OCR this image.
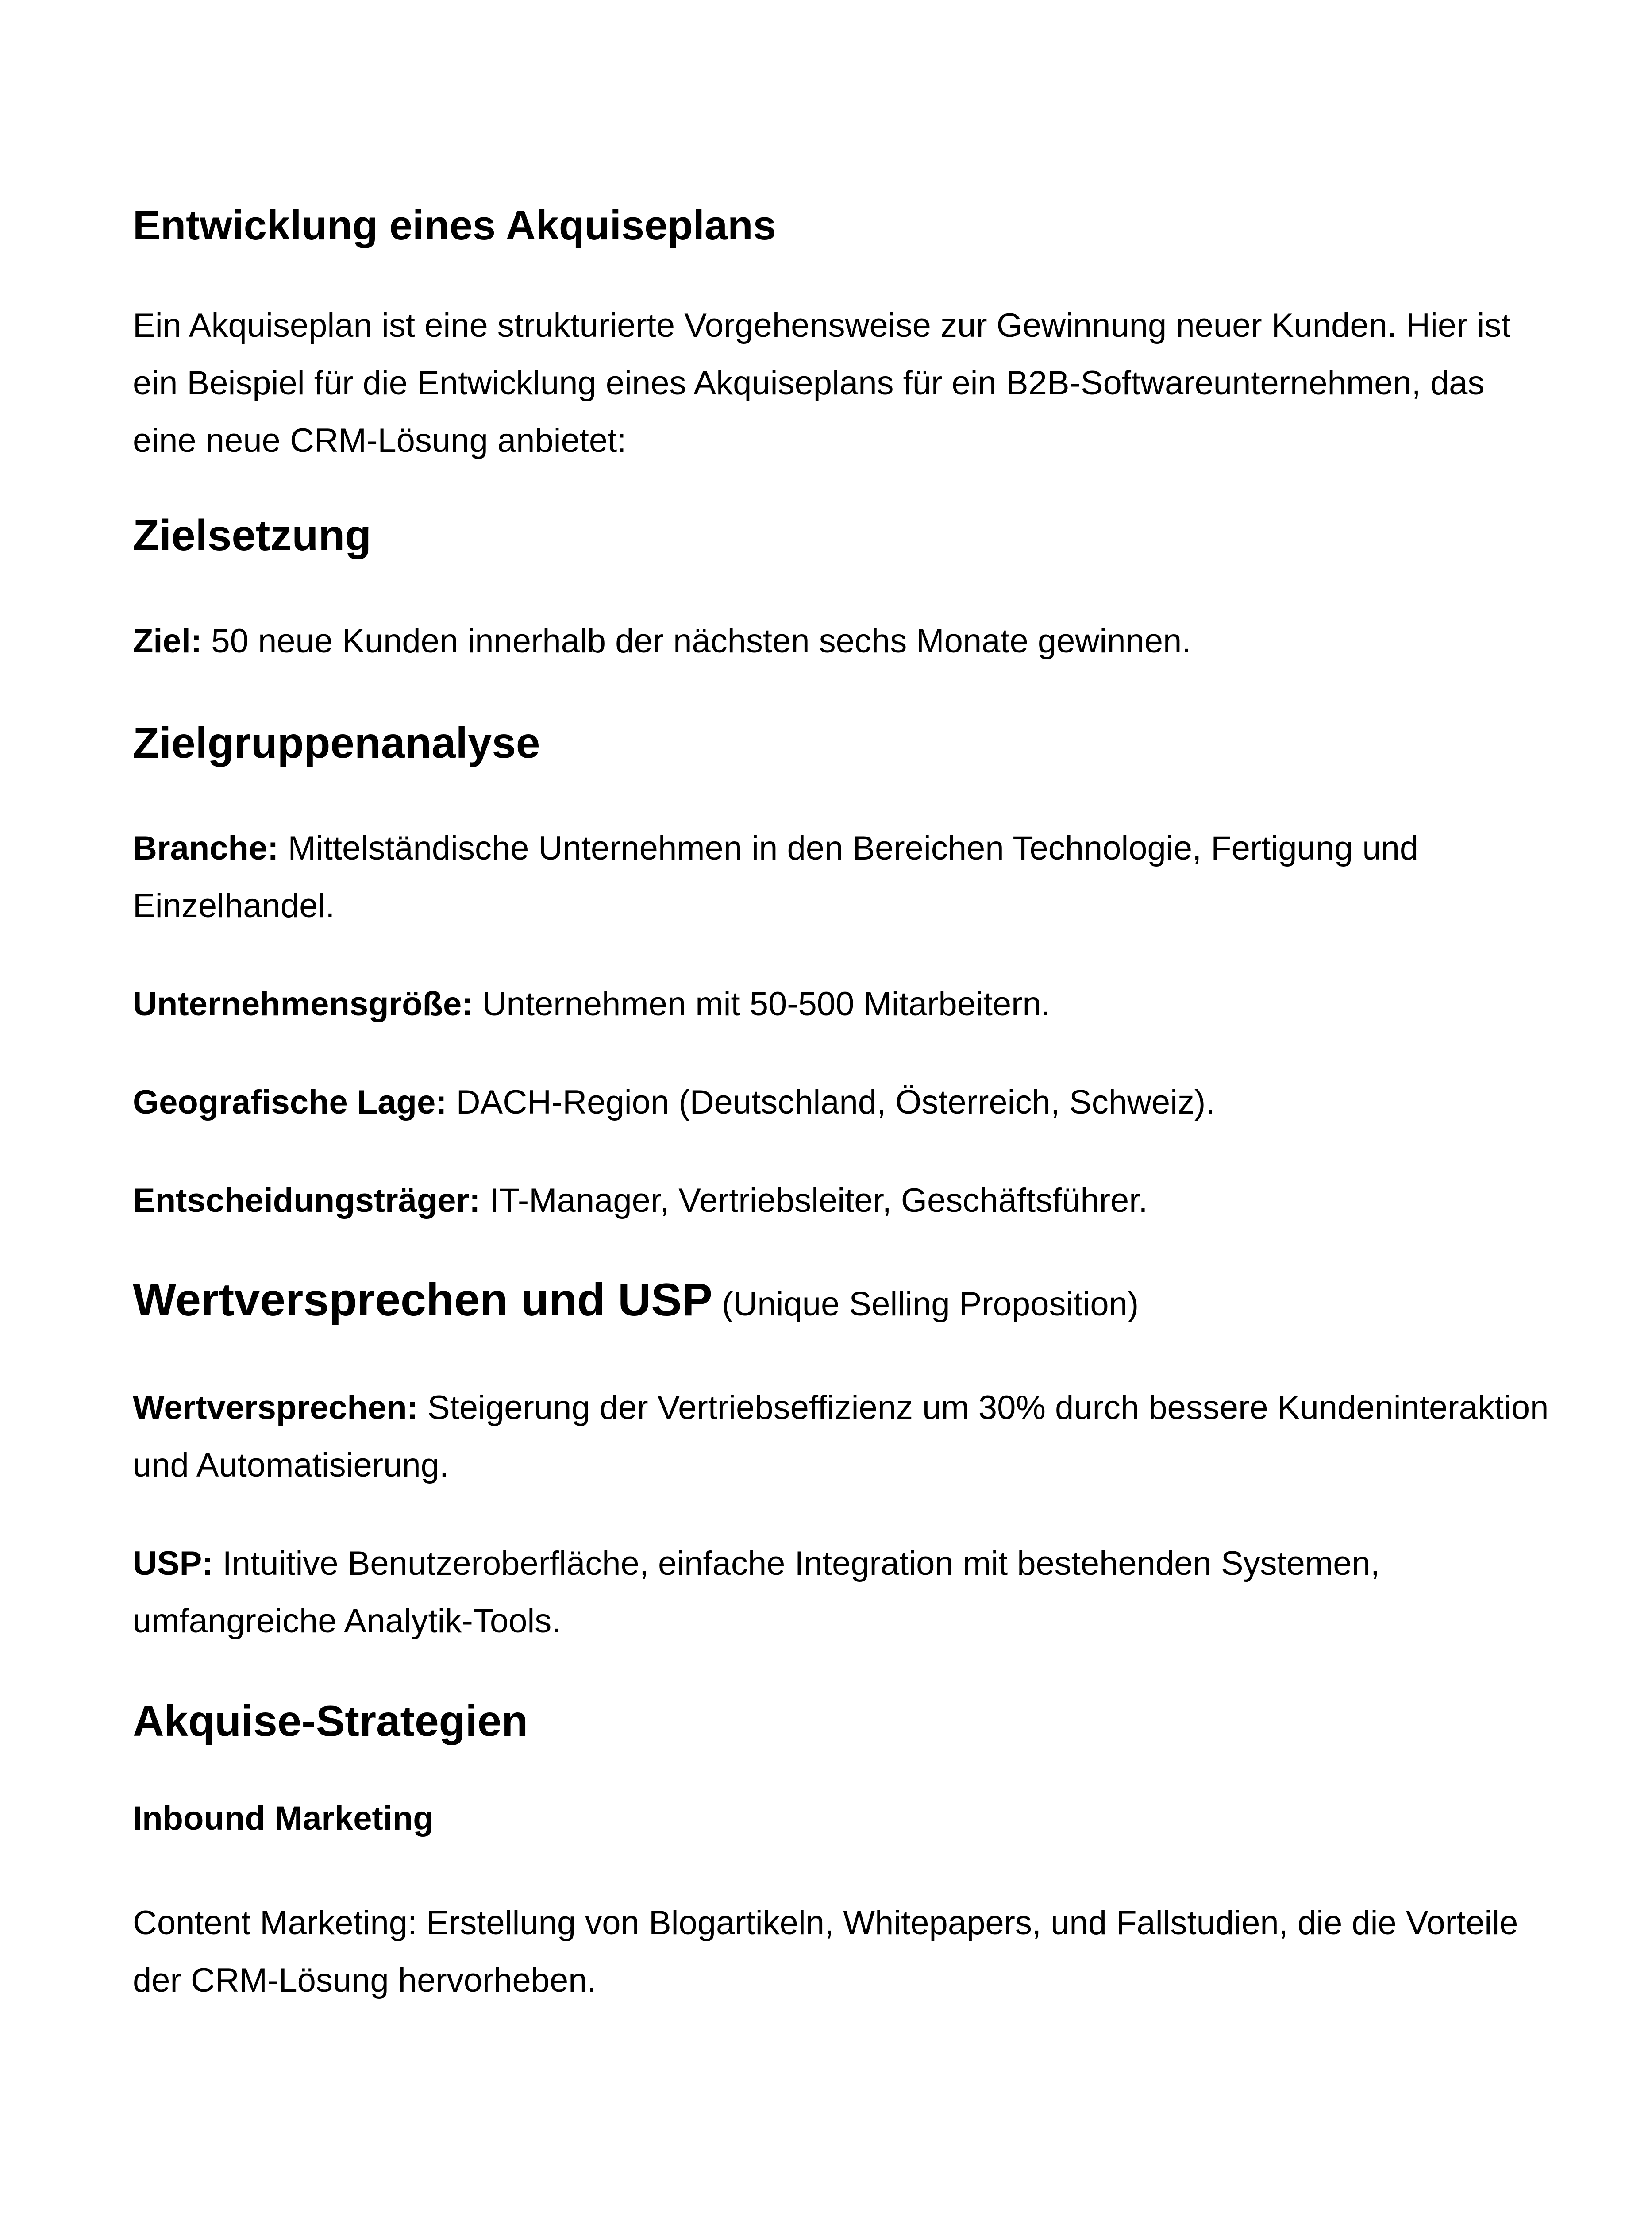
Entwicklung eines Akquiseplans
Ein Akquiseplan ist eine strukturierte Vorgehensweise zur Gewinnung neuer Kunden. Hier ist ein Beispiel für die Entwicklung eines Akquiseplans für ein B2B-Softwareunternehmen, das eine neue CRM-Lösung anbietet:
Zielsetzung
Ziel: 50 neue Kunden innerhalb der nächsten sechs Monate gewinnen.
Zielgruppenanalyse
Branche: Mittelständische Unternehmen in den Bereichen Technologie, Fertigung und Einzelhandel.
Unternehmensgröße: Unternehmen mit 50-500 Mitarbeitern.
Geografische Lage: DACH-Region (Deutschland, Österreich, Schweiz).
Entscheidungsträger: IT-Manager, Vertriebsleiter, Geschäftsführer.
Wertversprechen und USP (Unique Selling Proposition)
Wertversprechen: Steigerung der Vertriebseffizienz um 30% durch bessere Kundeninteraktion und Automatisierung.
USP: Intuitive Benutzeroberfläche, einfache Integration mit bestehenden Systemen, umfangreiche Analytik-Tools.
Akquise-Strategien
Inbound Marketing
Content Marketing: Erstellung von Blogartikeln, Whitepapers, und Fallstudien, die die Vorteile der CRM-Lösung hervorheben.
